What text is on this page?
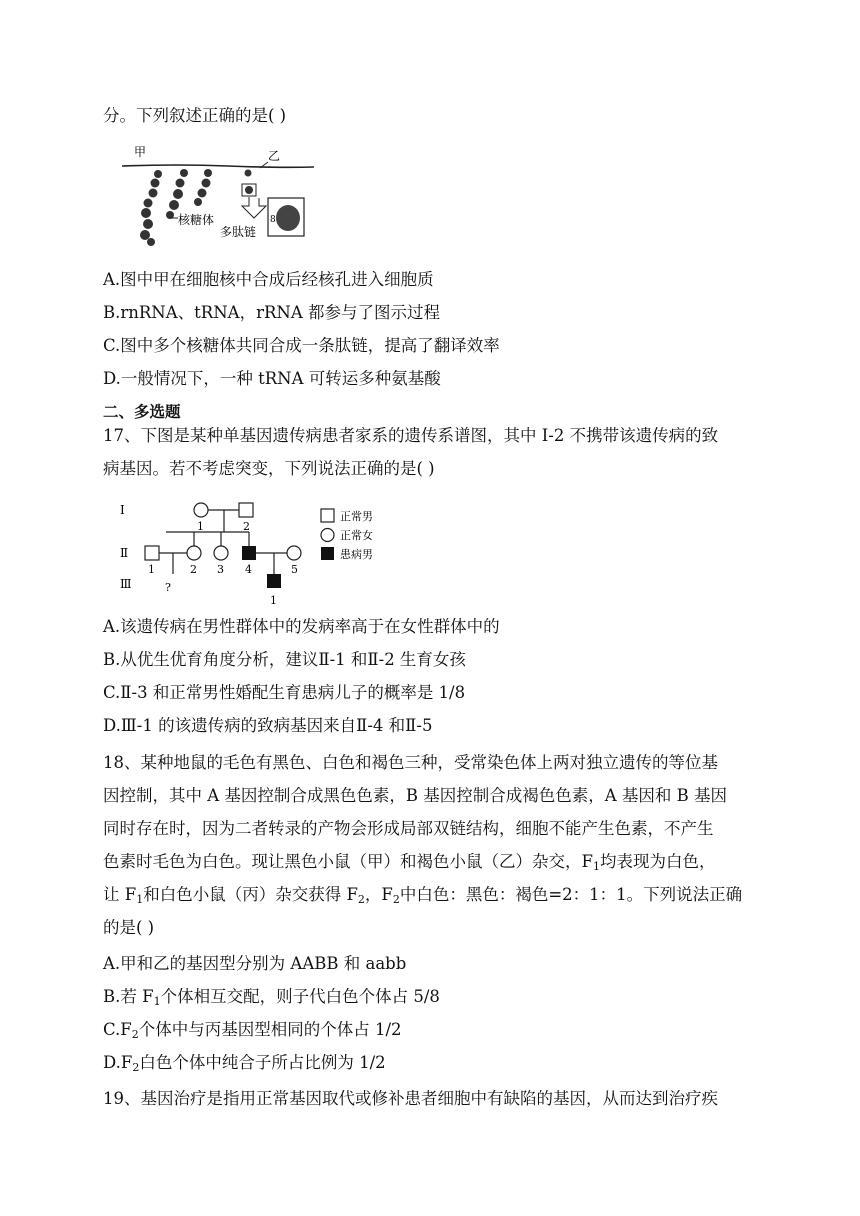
分。下列叙述正确的是( )
甲	乙
核糖体
多肽链
8
A.图中甲在细胞核中合成后经核孔进入细胞质
B.rnRNA、tRNA，rRNA 都参与了图示过程
C.图中多个核糖体共同合成一条肽链，提高了翻译效率
D.一般情况下，一种 tRNA 可转运多种氨基酸
二、多选题
17、下图是某种单基因遗传病患者家系的遗传系谱图，其中 I-2 不携带该遗传病的致
病基因。若不考虑突变，下列说法正确的是( )
Ⅰ
Ⅱ
Ⅲ
1	2
1	2 3 4	5
1
?
正常男
正常女
患病男
A.该遗传病在男性群体中的发病率高于在女性群体中的
B.从优生优育角度分析，建议Ⅱ-1 和Ⅱ-2 生育女孩
C.Ⅱ-3 和正常男性婚配生育患病儿子的概率是 1/8
D.Ⅲ-1 的该遗传病的致病基因来自Ⅱ-4 和Ⅱ-5
18、某种地鼠的毛色有黑色、白色和褐色三种，受常染色体上两对独立遗传的等位基
因控制，其中 A 基因控制合成黑色色素，B 基因控制合成褐色色素，A 基因和 B 基因
同时存在时，因为二者转录的产物会形成局部双链结构，细胞不能产生色素，不产生
色素时毛色为白色。现让黑色小鼠（甲）和褐色小鼠（乙）杂交，$F_1$均表现为白色，
让 $F_1$和白色小鼠（丙）杂交获得 $F_2$，$F_2$中白色：黑色：褐色=2：1：1。下列说法正确
的是( )
A.甲和乙的基因型分别为 AABB 和 aabb
B.若 $F_1$个体相互交配，则子代白色个体占 5/8
$C.F_2$个体中与丙基因型相同的个体占 1/2
$D.F_2$白色个体中纯合子所占比例为 1/2
19、基因治疗是指用正常基因取代或修补患者细胞中有缺陷的基因，从而达到治疗疾
